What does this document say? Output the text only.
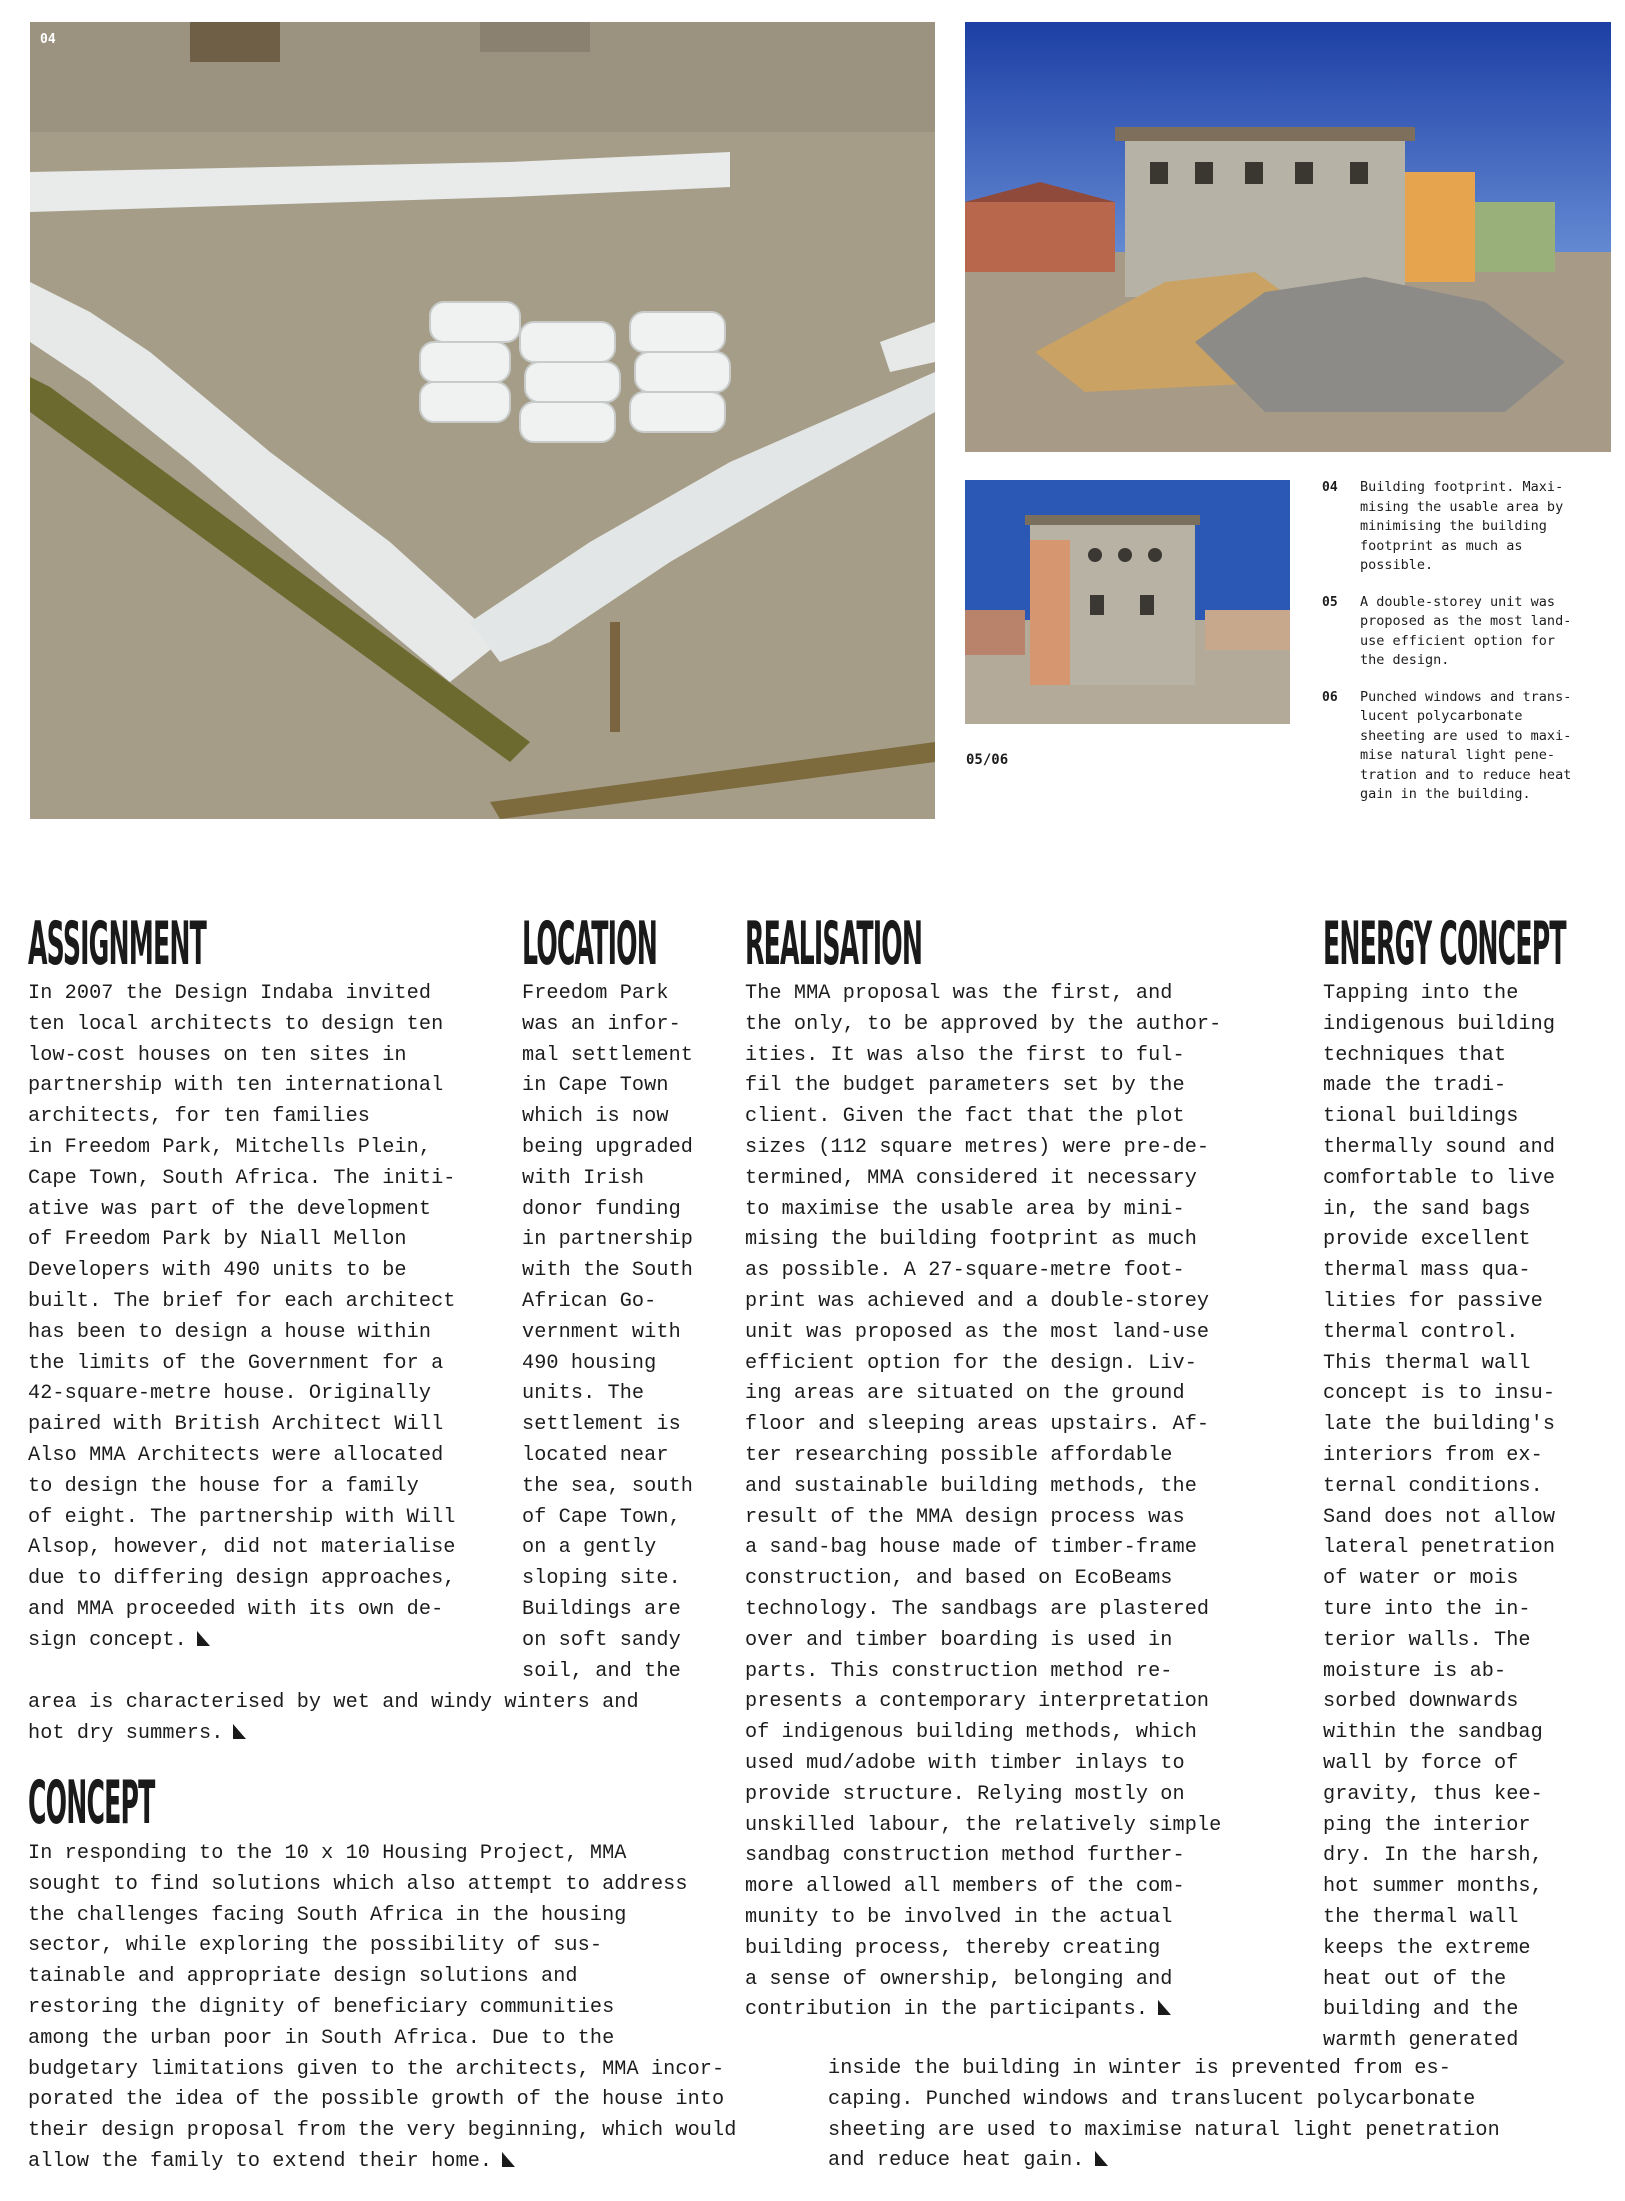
04
05/06
04	Building footprint. Maxi-
mising the usable area by
minimising the building
footprint as much as
possible.
05	A double-storey unit was
proposed as the most land-
use efficient option for
the design.
06	Punched windows and trans-
lucent polycarbonate
sheeting are used to maxi-
mise natural light pene-
tration and to reduce heat
gain in the building.
ASSIGNMENT	LOCATION REALISATION	ENERGY CONCEPT
CONCEPT
In 2007 the Design Indaba invited
ten local architects to design ten
low-cost houses on ten sites in
partnership with ten international
architects, for ten families
in Freedom Park, Mitchells Plein,
Cape Town, South Africa. The initi-
ative was part of the development
of Freedom Park by Niall Mellon
Developers with 490 units to be
built. The brief for each architect
has been to design a house within
the limits of the Government for a
42-square-metre house. Originally
paired with British Architect Will
Also MMA Architects were allocated
to design the house for a family
of eight. The partnership with Will
Alsop, however, did not materialise
due to differing design approaches,
and MMA proceeded with its own de-
sign concept.
Freedom Park
was an infor-
mal settlement
in Cape Town
which is now
being upgraded
with Irish
donor funding
in partnership
with the South
African Go-
vernment with
490 housing
units. The
settlement is
located near
the sea, south
of Cape Town,
on a gently
sloping site.
Buildings are
on soft sandy
soil, and the
area is characterised by wet and windy winters and
hot dry summers.
The MMA proposal was the first, and
the only, to be approved by the author-
ities. It was also the first to ful-
fil the budget parameters set by the
client. Given the fact that the plot
sizes (112 square metres) were pre-de-
termined, MMA considered it necessary
to maximise the usable area by mini-
mising the building footprint as much
as possible. A 27-square-metre foot-
print was achieved and a double-storey
unit was proposed as the most land-use
efficient option for the design. Liv-
ing areas are situated on the ground
floor and sleeping areas upstairs. Af-
ter researching possible affordable
and sustainable building methods, the
result of the MMA design process was
a sand-bag house made of timber-frame
construction, and based on EcoBeams
technology. The sandbags are plastered
over and timber boarding is used in
parts. This construction method re-
presents a contemporary interpretation
of indigenous building methods, which
used mud/adobe with timber inlays to
provide structure. Relying mostly on
unskilled labour, the relatively simple
sandbag construction method further-
more allowed all members of the com-
munity to be involved in the actual
building process, thereby creating
a sense of ownership, belonging and
contribution in the participants.
Tapping into the
indigenous building
techniques that
made the tradi-
tional buildings
thermally sound and
comfortable to live
in, the sand bags
provide excellent
thermal mass qua-
lities for passive
thermal control.
This thermal wall
concept is to insu-
late the building's
interiors from ex-
ternal conditions.
Sand does not allow
lateral penetration
of water or mois
ture into the in-
terior walls. The
moisture is ab-
sorbed downwards
within the sandbag
wall by force of
gravity, thus kee-
ping the interior
dry. In the harsh,
hot summer months,
the thermal wall
keeps the extreme
heat out of the
building and the
warmth generated
inside the building in winter is prevented from es-
caping. Punched windows and translucent polycarbonate
sheeting are used to maximise natural light penetration
and reduce heat gain.
In responding to the 10 x 10 Housing Project, MMA
sought to find solutions which also attempt to address
the challenges facing South Africa in the housing
sector, while exploring the possibility of sus-
tainable and appropriate design solutions and
restoring the dignity of beneficiary communities
among the urban poor in South Africa. Due to the
budgetary limitations given to the architects, MMA incor-
porated the idea of the possible growth of the house into
their design proposal from the very beginning, which would
allow the family to extend their home.
